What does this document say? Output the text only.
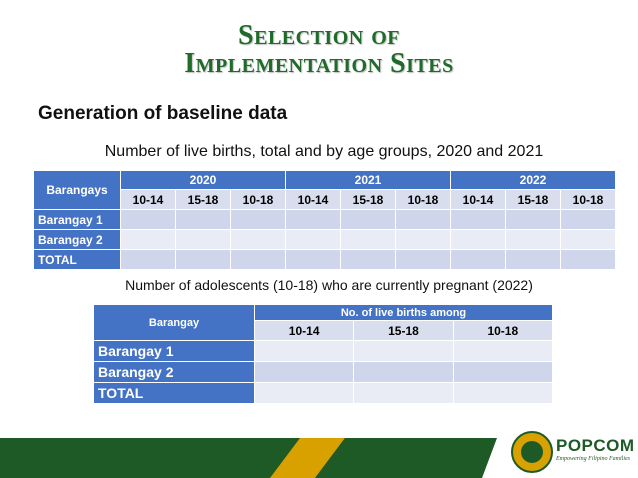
Selection of
Implementation Sites
Generation of baseline data
Number of live births, total and by age groups, 2020 and 2021
Barangays	2020			2021			2022		
	10-14	15-18	10-18	10-14	15-18	10-18	10-14	15-18	10-18
Barangay 1									
Barangay 2									
TOTAL									
Number of adolescents (10-18) who are currently pregnant (2022)
Barangay	No. of live births among		
	10-14	15-18	10-18
Barangay 1			
Barangay 2			
TOTAL			
POPCOM
Empowering Filipino Families
